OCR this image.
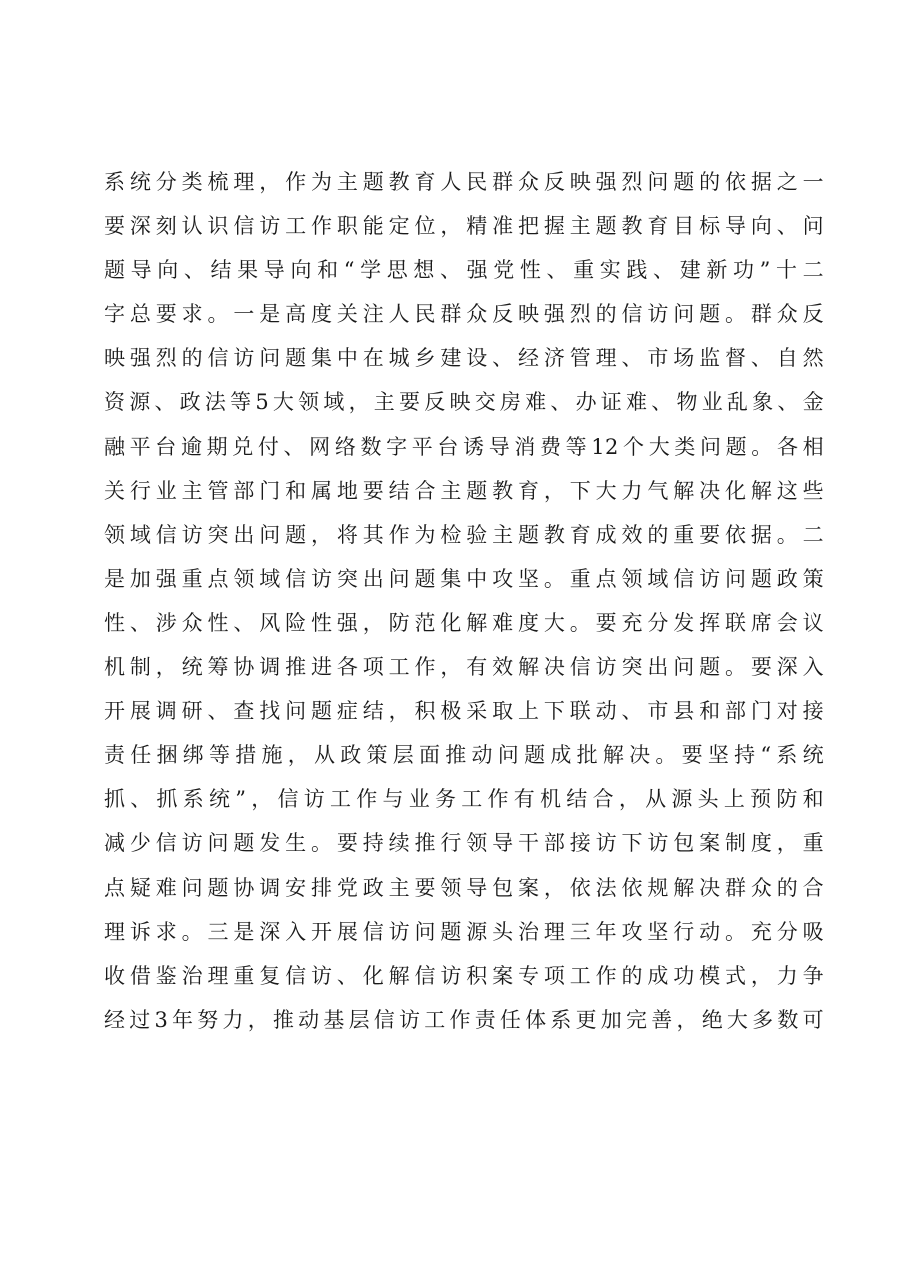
系统分类梳理，作为主题教育人民群众反映强烈问题的依据之一
要深刻认识信访工作职能定位，精准把握主题教育目标导向、问
题导向、结果导向和“学思想、强党性、重实践、建新功”十二
字总要求。一是高度关注人民群众反映强烈的信访问题。群众反
映强烈的信访问题集中在城乡建设、经济管理、市场监督、自然
资源、政法等5大领域，主要反映交房难、办证难、物业乱象、金
融平台逾期兑付、网络数字平台诱导消费等12个大类问题。各相
关行业主管部门和属地要结合主题教育，下大力气解决化解这些
领域信访突出问题，将其作为检验主题教育成效的重要依据。二
是加强重点领域信访突出问题集中攻坚。重点领域信访问题政策
性、涉众性、风险性强，防范化解难度大。要充分发挥联席会议
机制，统筹协调推进各项工作，有效解决信访突出问题。要深入
开展调研、查找问题症结，积极采取上下联动、市县和部门对接
责任捆绑等措施，从政策层面推动问题成批解决。要坚持“系统
抓、抓系统”，信访工作与业务工作有机结合，从源头上预防和
减少信访问题发生。要持续推行领导干部接访下访包案制度，重
点疑难问题协调安排党政主要领导包案，依法依规解决群众的合
理诉求。三是深入开展信访问题源头治理三年攻坚行动。充分吸
收借鉴治理重复信访、化解信访积案专项工作的成功模式，力争
经过3年努力，推动基层信访工作责任体系更加完善，绝大多数可
